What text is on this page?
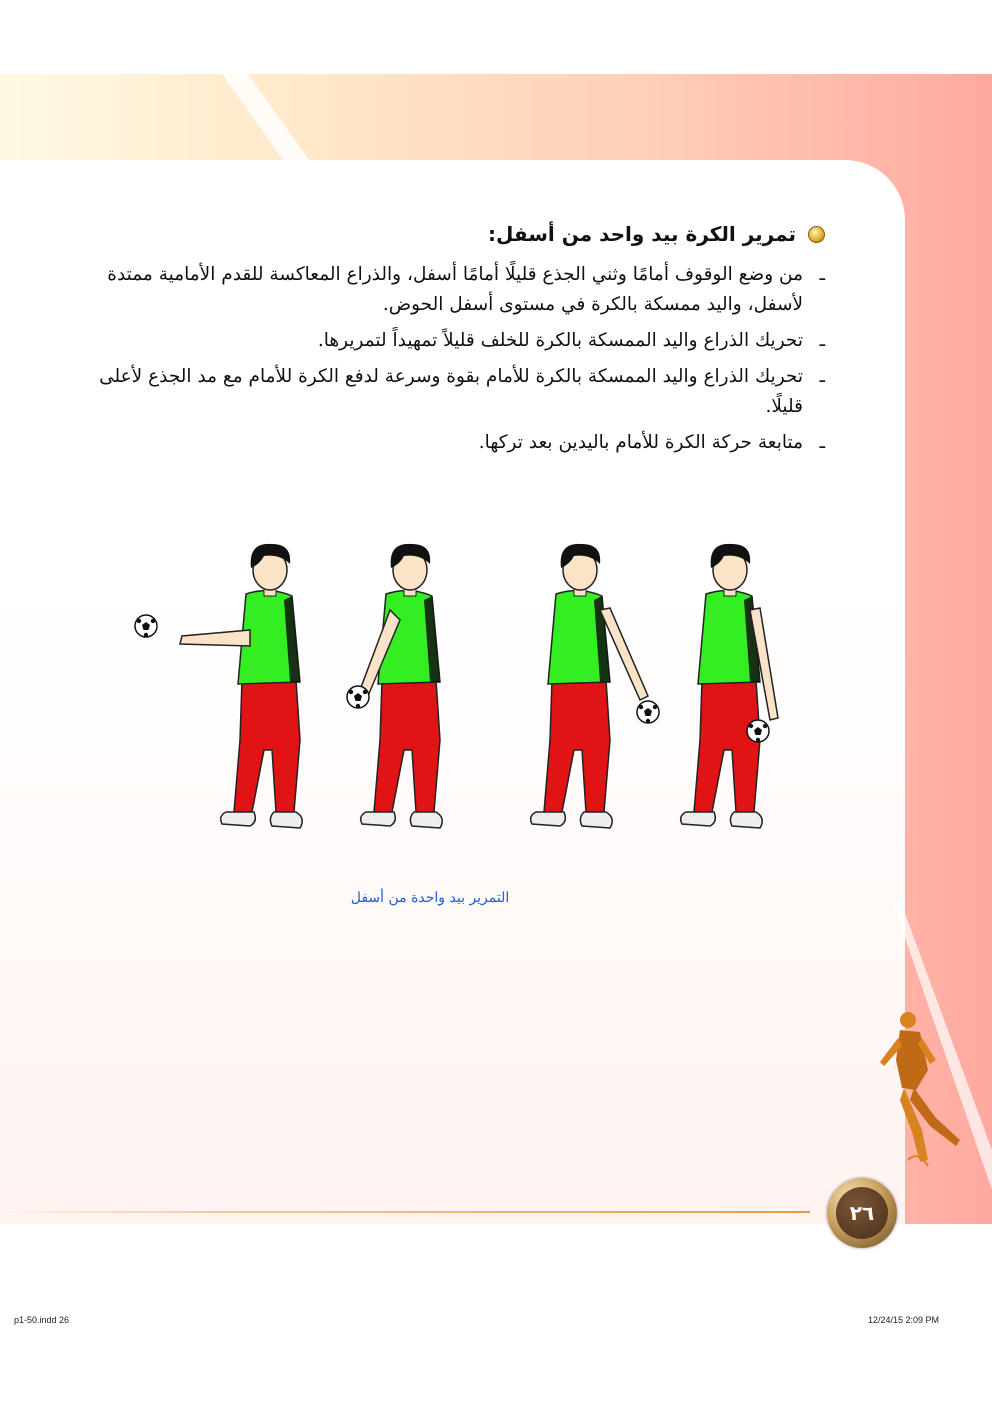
تمرير الكرة بيد واحد من أسفل:
ـ
من وضع الوقوف أمامًا وثني الجذع قليلًا أمامًا أسفل، والذراع المعاكسة للقدم الأمامية ممتدة لأسفل، واليد ممسكة بالكرة في مستوى أسفل الحوض.
ـ
تحريك الذراع واليد الممسكة بالكرة للخلف قليلاً تمهيداً لتمريرها.
ـ
تحريك الذراع واليد الممسكة بالكرة للأمام بقوة وسرعة لدفع الكرة للأمام مع مد الجذع لأعلى قليلًا.
ـ
متابعة حركة الكرة للأمام باليدين بعد تركها.
التمرير بيد واحدة من أسفل
٢٦
p1-50.indd 26	12/24/15 2:09 PM
